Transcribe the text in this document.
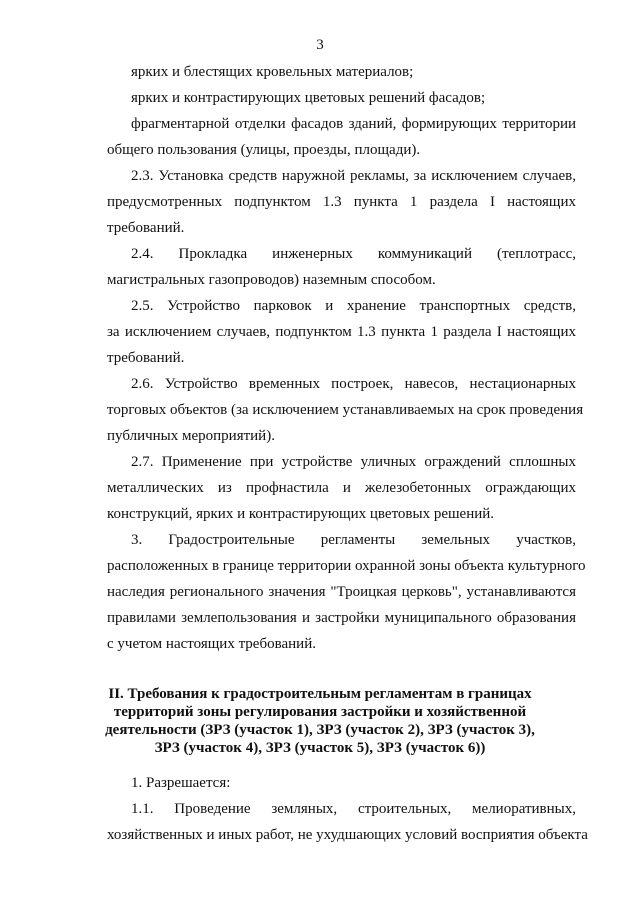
3
ярких и блестящих кровельных материалов;
ярких и контрастирующих цветовых решений фасадов;
фрагментарной отделки фасадов зданий, формирующих территории
общего пользования (улицы, проезды, площади).
2.3. Установка средств наружной рекламы, за исключением случаев,
предусмотренных подпунктом 1.3 пункта 1 раздела I настоящих
требований.
2.4. Прокладка инженерных коммуникаций (теплотрасс,
магистральных газопроводов) наземным способом.
2.5. Устройство парковок и хранение транспортных средств,
за исключением случаев, подпунктом 1.3 пункта 1 раздела I настоящих
требований.
2.6. Устройство временных построек, навесов, нестационарных
торговых объектов (за исключением устанавливаемых на срок проведения
публичных мероприятий).
2.7. Применение при устройстве уличных ограждений сплошных
металлических из профнастила и железобетонных ограждающих
конструкций, ярких и контрастирующих цветовых решений.
3. Градостроительные регламенты земельных участков,
расположенных в границе территории охранной зоны объекта культурного
наследия регионального значения "Троицкая церковь", устанавливаются
правилами землепользования и застройки муниципального образования
с учетом настоящих требований.
II. Требования к градостроительным регламентам в границах
территорий зоны регулирования застройки и хозяйственной
деятельности (ЗРЗ (участок 1), ЗРЗ (участок 2), ЗРЗ (участок 3),
ЗРЗ (участок 4), ЗРЗ (участок 5), ЗРЗ (участок 6))
1. Разрешается:
1.1. Проведение земляных, строительных, мелиоративных,
хозяйственных и иных работ, не ухудшающих условий восприятия объекта
